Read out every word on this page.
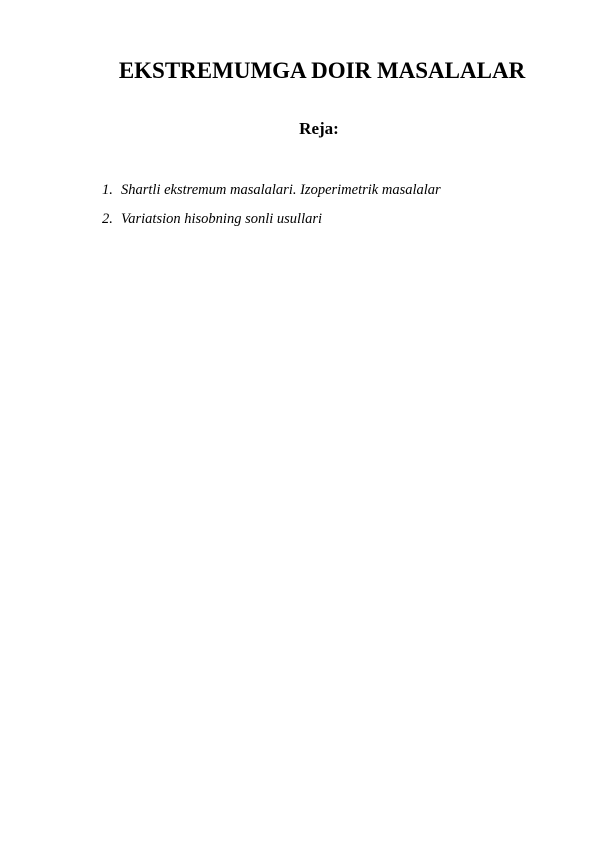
EKSTREMUMGA DOIR MASALALAR
Reja:
1. Shartli ekstremum masalalari. Izoperimetrik masalalar
2. Variatsion hisobning sonli usullari
